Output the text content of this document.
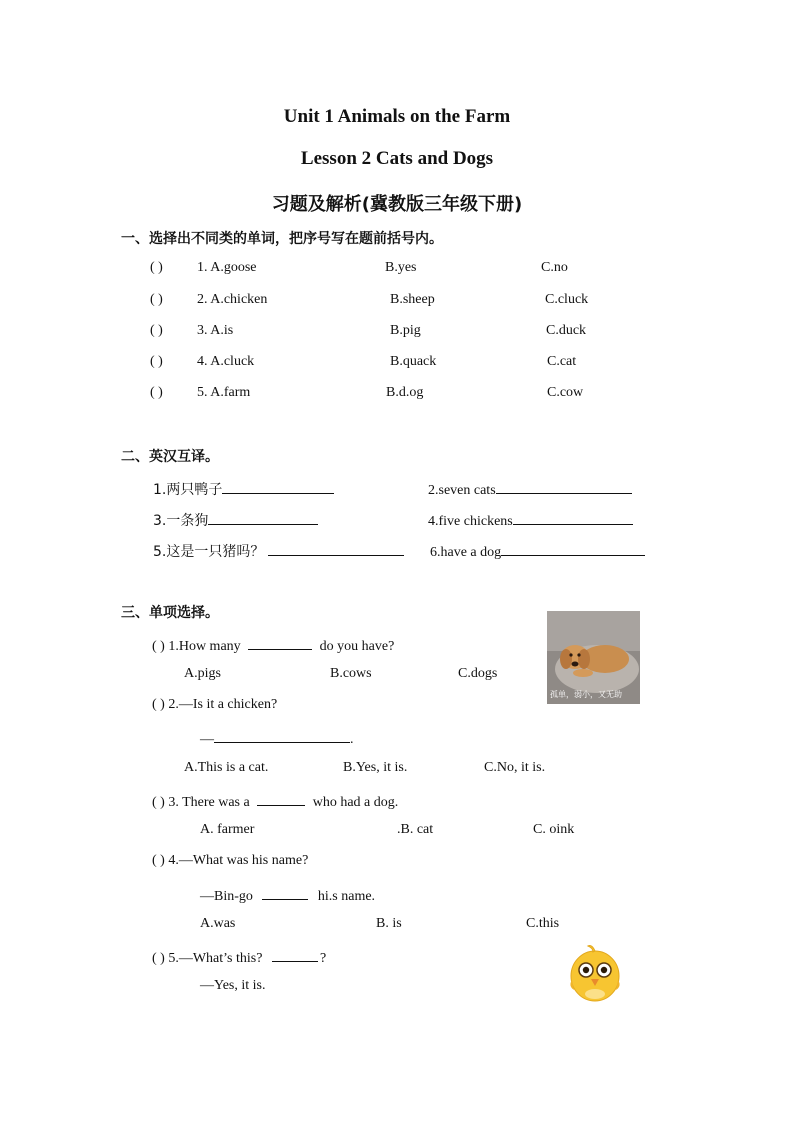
Unit 1 Animals on the Farm
Lesson 2 Cats and Dogs
习题及解析(冀教版三年级下册)
一、选择出不同类的单词，把序号写在题前括号内。
( ) 1. A.goose	B.yes	C.no
( ) 2. A.chicken	B.sheep	C.cluck
( ) 3. A.is	B.pig	C.duck
( ) 4. A.cluck	B.quack	C.cat
( ) 5. A.farm	B.d.og	C.cow
二、英汉互译。
1.两只鸭子	2.seven cats
3.一条狗	4.five chickens
5.这是一只猪吗？	6.have a dog
三、单项选择。
孤单，弱小，又无助
( ) 1.How many	do you have?
A.pigs	B.cows	C.dogs
( ) 2.—Is it a chicken?
—	.
A.This is a cat.	B.Yes, it is.	C.No, it is.
( ) 3. There was a	who had a dog.
A. farmer	.B. cat	C. oink
( ) 4.—What was his name?
—Bin-go	hi.s name.
A.was	B. is	C.this
( ) 5.—What’s this?	?
—Yes, it is.
